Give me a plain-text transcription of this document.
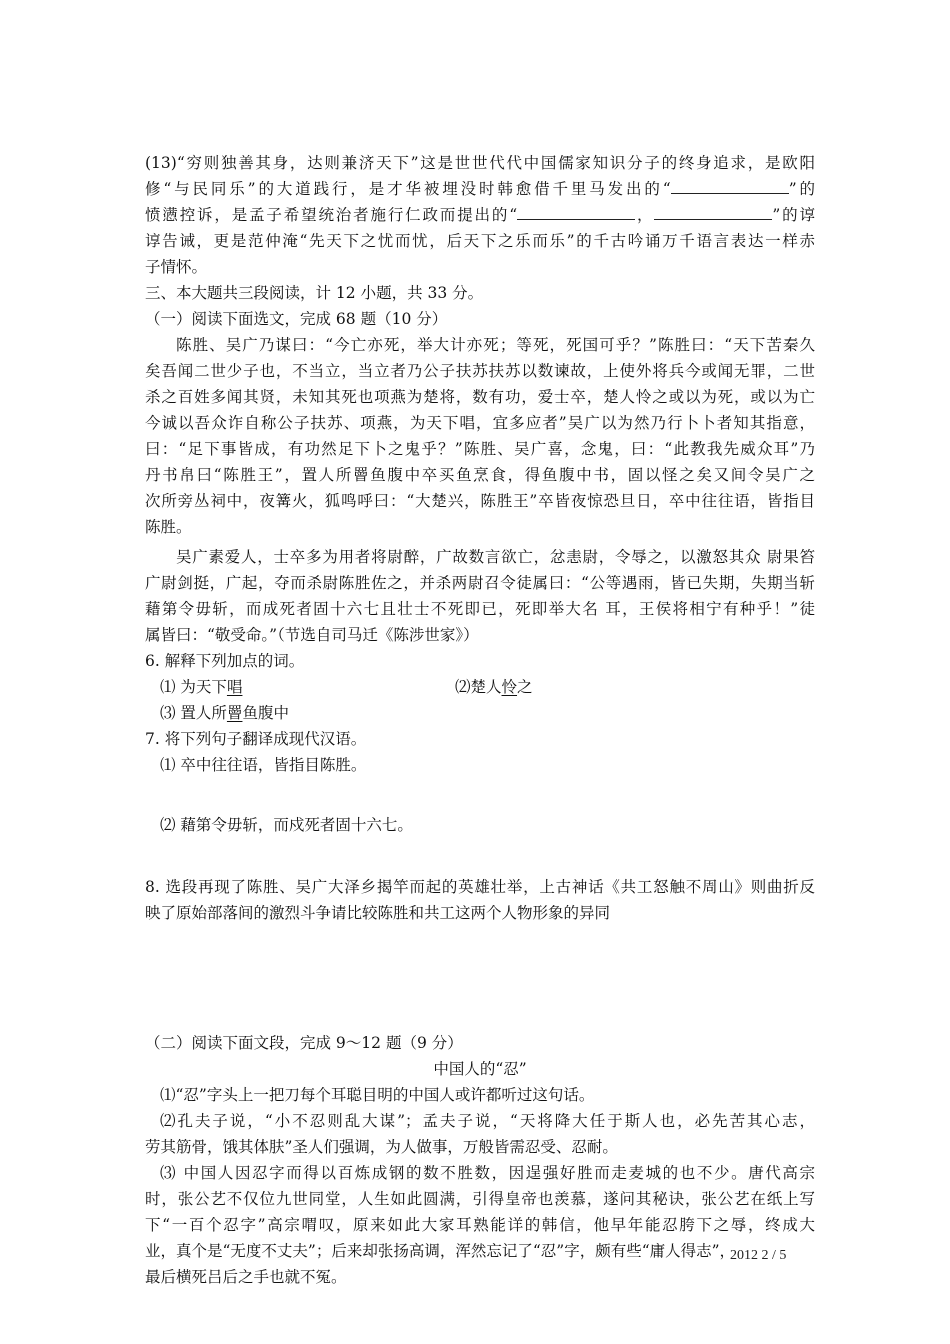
(13)“穷则独善其身，达则兼济天下”这是世世代代中国儒家知识分子的终身追求，是欧阳
修“与民同乐”的大道践行，是才华被埋没时韩愈借千里马发出的“	”的
愤懑控诉，是孟子希望统治者施行仁政而提出的“	，	”的谆
谆告诫，更是范仲淹“先天下之忧而忧，后天下之乐而乐”的千古吟诵万千语言表达一样赤
子情怀。
三、本大题共三段阅读，计 12 小题，共 33 分。
（一）阅读下面选文，完成 68 题（10 分）
陈胜、吴广乃谋曰：“今亡亦死，举大计亦死；等死，死国可乎？”陈胜曰：“天下苦秦久
矣吾闻二世少子也，不当立，当立者乃公子扶苏扶苏以数谏故，上使外将兵今或闻无罪，二世
杀之百姓多闻其贤，未知其死也项燕为楚将，数有功，爱士卒，楚人怜之或以为死，或以为亡
今诚以吾众诈自称公子扶苏、项燕，为天下唱，宜多应者”吴广以为然乃行卜卜者知其指意，
曰：“足下事皆成，有功然足下卜之鬼乎？”陈胜、吴广喜，念鬼，曰：“此教我先威众耳”乃
丹书帛曰“陈胜王”，置人所罾鱼腹中卒买鱼烹食，得鱼腹中书，固以怪之矣又间令吴广之
次所旁丛祠中，夜篝火，狐鸣呼曰：“大楚兴，陈胜王”卒皆夜惊恐旦日，卒中往往语，皆指目
陈胜。
吴广素爱人，士卒多为用者将尉醉，广故数言欲亡，忿恚尉，令辱之，以激怒其众 尉果笞
广尉剑挺，广起，夺而杀尉陈胜佐之，并杀两尉召令徒属曰：“公等遇雨，皆已失期，失期当斩
藉第令毋斩，而成死者固十六七且壮士不死即已，死即举大名 耳，王侯将相宁有种乎！”徒
属皆曰：“敬受命。”（节选自司马迁《陈涉世家》）
6. 解释下列加点的词。
⑴ 为天下唱	⑵楚人怜之
⑶ 置人所罾鱼腹中
7. 将下列句子翻译成现代汉语。
⑴ 卒中往往语，皆指目陈胜。
⑵ 藉第令毋斩，而戍死者固十六七。
8. 选段再现了陈胜、吴广大泽乡揭竿而起的英雄壮举，上古神话《共工怒触不周山》则曲折反
映了原始部落间的激烈斗争请比较陈胜和共工这两个人物形象的异同
（二）阅读下面文段，完成 9～12 题（9 分）
中国人的“忍”
⑴“忍”字头上一把刀每个耳聪目明的中国人或许都听过这句话。
⑵孔夫子说，“小不忍则乱大谋”；孟夫子说，“天将降大任于斯人也，必先苦其心志，
劳其筋骨，饿其体肤”圣人们强调，为人做事，万般皆需忍受、忍耐。
⑶ 中国人因忍字而得以百炼成钢的数不胜数，因逞强好胜而走麦城的也不少。唐代高宗
时，张公艺不仅位九世同堂，人生如此圆满，引得皇帝也羡慕，遂问其秘诀，张公艺在纸上写
下“一百个忍字”高宗喟叹，原来如此大家耳熟能详的韩信，他早年能忍胯下之辱，终成大
业，真个是“无度不丈夫”；后来却张扬高调，浑然忘记了“忍”字，颇有些“庸人得志”，
最后横死吕后之手也就不冤。
2012 2 / 5
